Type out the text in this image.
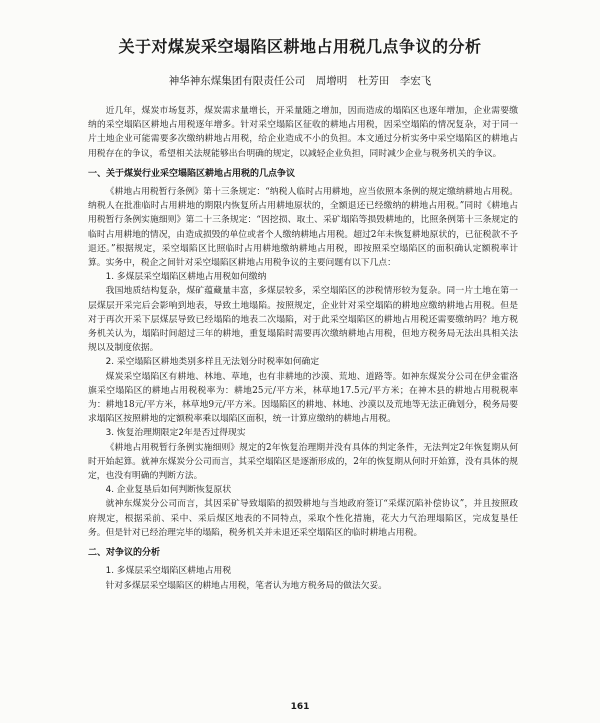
关于对煤炭采空塌陷区耕地占用税几点争议的分析
神华神东煤集团有限责任公司　周增明　杜芳田　李宏飞

近几年，煤炭市场复苏，煤炭需求量增长，开采量随之增加，因而造成的塌陷区也逐年增加，企业需要缴纳的采空塌陷区耕地占用税逐年增多。针对采空塌陷区征收的耕地占用税，因采空塌陷的情况复杂，对于同一片土地企业可能需要多次缴纳耕地占用税，给企业造成不小的负担。本文通过分析实务中采空塌陷区的耕地占用税存在的争议，希望相关法规能够出台明确的规定，以减轻企业负担，同时减少企业与税务机关的争议。

一、关于煤炭行业采空塌陷区耕地占用税的几点争议

《耕地占用税暂行条例》第十三条规定：“纳税人临时占用耕地，应当依照本条例的规定缴纳耕地占用税。纳税人在批准临时占用耕地的期限内恢复所占用耕地原状的，全额退还已经缴纳的耕地占用税。”同时《耕地占用税暂行条例实施细则》第二十三条规定：“因挖损、取土、采矿塌陷等损毁耕地的，比照条例第十三条规定的临时占用耕地的情况，由造成损毁的单位或者个人缴纳耕地占用税。超过2年未恢复耕地原状的，已征税款不予退还。”根据规定，采空塌陷区比照临时占用耕地缴纳耕地占用税，即按照采空塌陷区的面积确认定额税率计算。实务中，税企之间针对采空塌陷区耕地占用税争议的主要问题有以下几点：

1. 多煤层采空塌陷区耕地占用税如何缴纳

我国地质结构复杂，煤矿蕴藏量丰富，多煤层较多，采空塌陷区的涉税情形较为复杂。同一片土地在第一层煤层开采完后会影响到地表，导致土地塌陷。按照规定，企业针对采空塌陷的耕地应缴纳耕地占用税。但是对于再次开采下层煤层导致已经塌陷的地表二次塌陷，对于此采空塌陷区的耕地占用税还需要缴纳吗？地方税务机关认为，塌陷时间超过三年的耕地，重复塌陷时需要再次缴纳耕地占用税，但地方税务局无法出具相关法规以及制度依据。

2. 采空塌陷区耕地类别多样且无法划分时税率如何确定

煤炭采空塌陷区有耕地、林地、草地，也有非耕地的沙漠、荒地、道路等。如神东煤炭分公司在伊金霍洛旗采空塌陷区的耕地占用税税率为：耕地25元/平方米，林草地17.5元/平方米；在神木县的耕地占用税税率为：耕地18元/平方米，林草地9元/平方米。因塌陷区的耕地、林地、沙漠以及荒地等无法正确划分，税务局要求塌陷区按照耕地的定额税率乘以塌陷区面积，统一计算应缴纳的耕地占用税。

3. 恢复治理期限定2年是否过得现实

《耕地占用税暂行条例实施细则》规定的2年恢复治理期并没有具体的判定条件，无法判定2年恢复期从何时开始起算。就神东煤炭分公司而言，其采空塌陷区是逐渐形成的，2年的恢复期从何时开始算，没有具体的规定，也没有明确的判断方法。

4. 企业复垦后如何判断恢复原状

就神东煤炭分公司而言，其因采矿导致塌陷的损毁耕地与当地政府签订“采煤沉陷补偿协议”，并且按照政府规定，根据采前、采中、采后煤区地表的不同特点，采取个性化措施，花大力气治理塌陷区，完成复垦任务。但是针对已经治理完毕的塌陷，税务机关并未退还采空塌陷区的临时耕地占用税。

二、对争议的分析

1. 多煤层采空塌陷区耕地占用税

针对多煤层采空塌陷区的耕地占用税，笔者认为地方税务局的做法欠妥。

161
